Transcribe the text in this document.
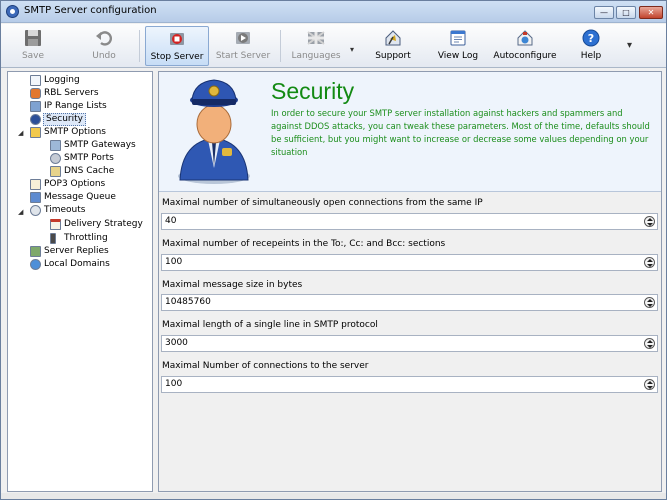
SMTP Server configuration	—	□	✕
Save	Undo	Stop Server	Start Server	Languages
▾
Support	View Log	Autoconfigure
?
Help
▾
Logging
RBL Servers
IP Range Lists
Security
◢ SMTP Options
SMTP Gateways
SMTP Ports
DNS Cache
POP3 Options
Message Queue
◢ Timeouts
Delivery Strategy
Throttling
Server Replies
Local Domains
Security
In order to secure your SMTP server installation against hackers and spammers and against DDOS attacks, you can tweak these parameters. Most of the time, defaults should be sufficient, but you might want to increase or decrease some values depending on your situation
Maximal number of simultaneously open connections from the same IP
40
Maximal number of recepeints in the To:, Cc: and Bcc: sections
100
Maximal message size in bytes
10485760
Maximal length of a single line in SMTP protocol
3000
Maximal Number of connections to the server
100
